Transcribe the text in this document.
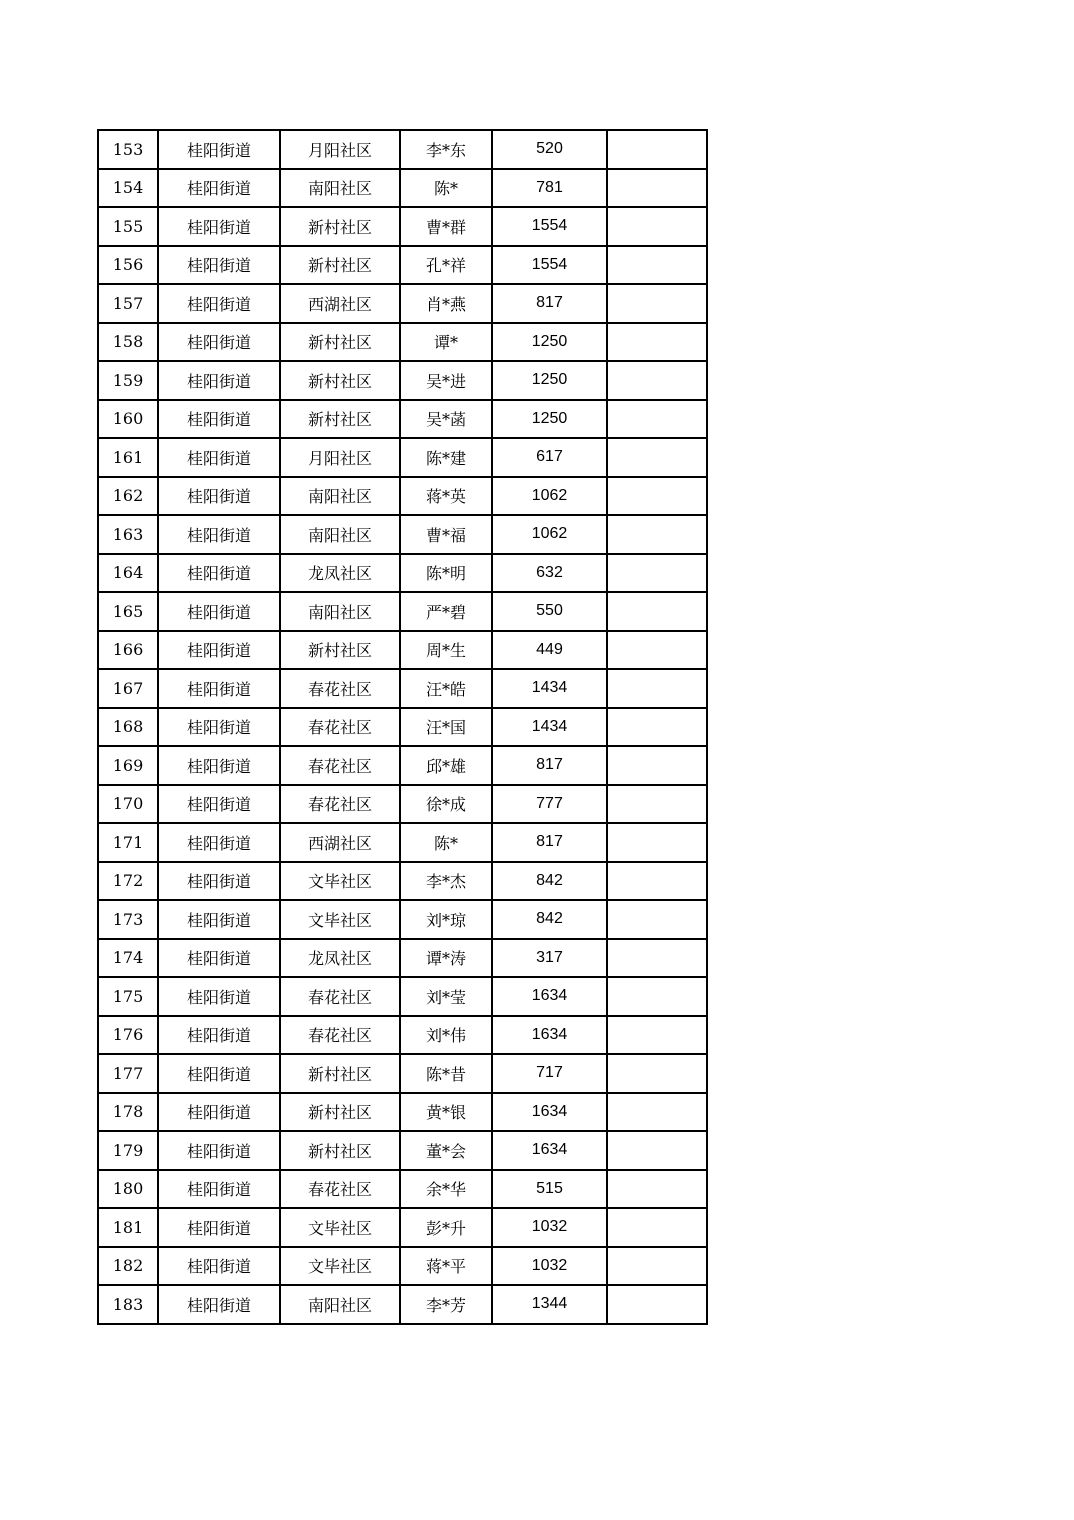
153	桂阳街道	月阳社区	李*东	520	
154	桂阳街道	南阳社区	陈*	781	
155	桂阳街道	新村社区	曹*群	1554	
156	桂阳街道	新村社区	孔*祥	1554	
157	桂阳街道	西湖社区	肖*燕	817	
158	桂阳街道	新村社区	谭*	1250	
159	桂阳街道	新村社区	吴*进	1250	
160	桂阳街道	新村社区	吴*菡	1250	
161	桂阳街道	月阳社区	陈*建	617	
162	桂阳街道	南阳社区	蒋*英	1062	
163	桂阳街道	南阳社区	曹*福	1062	
164	桂阳街道	龙凤社区	陈*明	632	
165	桂阳街道	南阳社区	严*碧	550	
166	桂阳街道	新村社区	周*生	449	
167	桂阳街道	春花社区	汪*皓	1434	
168	桂阳街道	春花社区	汪*国	1434	
169	桂阳街道	春花社区	邱*雄	817	
170	桂阳街道	春花社区	徐*成	777	
171	桂阳街道	西湖社区	陈*	817	
172	桂阳街道	文毕社区	李*杰	842	
173	桂阳街道	文毕社区	刘*琼	842	
174	桂阳街道	龙凤社区	谭*涛	317	
175	桂阳街道	春花社区	刘*莹	1634	
176	桂阳街道	春花社区	刘*伟	1634	
177	桂阳街道	新村社区	陈*昔	717	
178	桂阳街道	新村社区	黄*银	1634	
179	桂阳街道	新村社区	董*会	1634	
180	桂阳街道	春花社区	余*华	515	
181	桂阳街道	文毕社区	彭*升	1032	
182	桂阳街道	文毕社区	蒋*平	1032	
183	桂阳街道	南阳社区	李*芳	1344	
